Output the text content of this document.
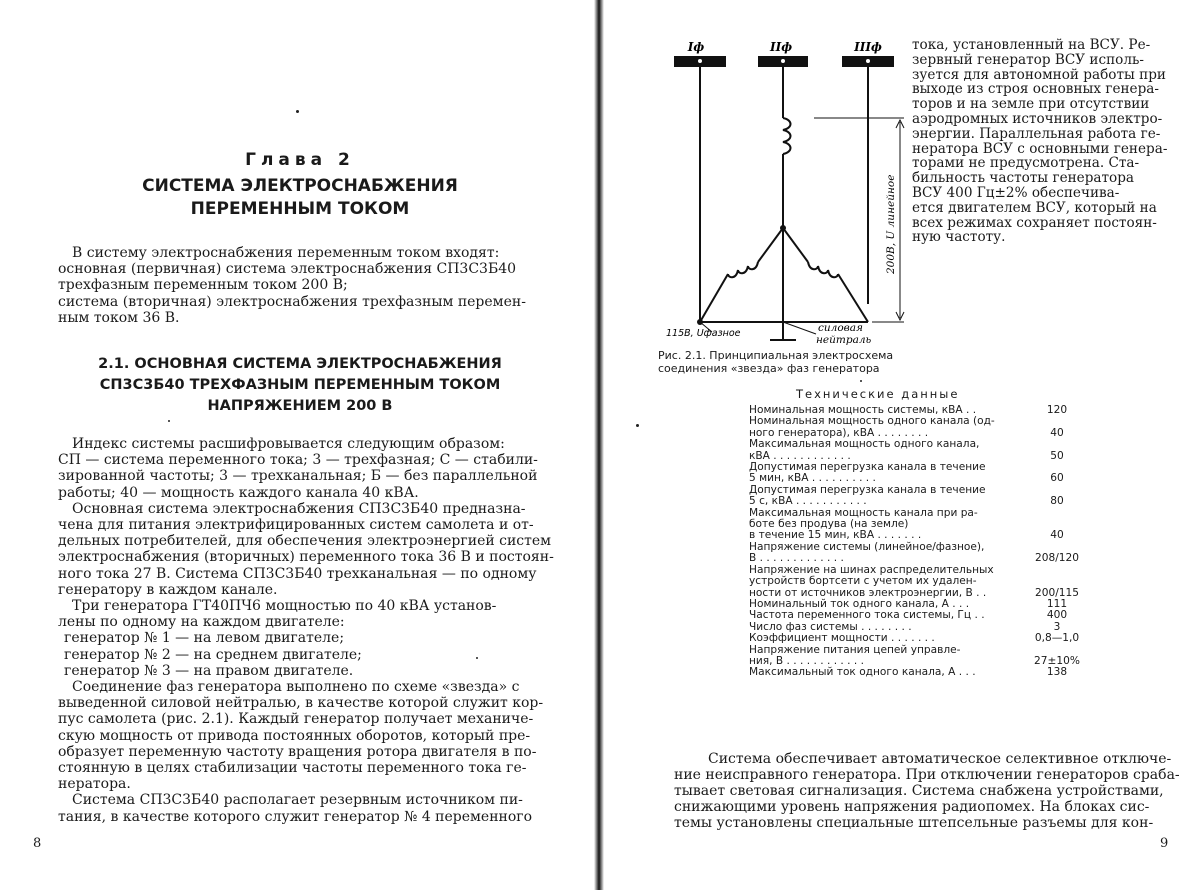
Глава 2
СИСТЕМА ЭЛЕКТРОСНАБЖЕНИЯ
ПЕРЕМЕННЫМ ТОКОМ
В систему электроснабжения переменным током входят:
основная (первичная) система электроснабжения СП3С3Б40
трехфазным переменным током 200 В;
система (вторичная) электроснабжения трехфазным перемен-
ным током 36 В.
2.1. ОСНОВНАЯ СИСТЕМА ЭЛЕКТРОСНАБЖЕНИЯ
СП3С3Б40 ТРЕХФАЗНЫМ ПЕРЕМЕННЫМ ТОКОМ
НАПРЯЖЕНИЕМ 200 В
Индекс системы расшифровывается следующим образом:
СП — система переменного тока; 3 — трехфазная; С — стабили-
зированной частоты; 3 — трехканальная; Б — без параллельной
работы; 40 — мощность каждого канала 40 кВА.
Основная система электроснабжения СП3С3Б40 предназна-
чена для питания электрифицированных систем самолета и от-
дельных потребителей, для обеспечения электроэнергией систем
электроснабжения (вторичных) переменного тока 36 В и постоян-
ного тока 27 В. Система СП3С3Б40 трехканальная — по одному
генератору в каждом канале.
Три генератора ГТ40ПЧ6 мощностью по 40 кВА установ-
лены по одному на каждом двигателе:
генератор № 1 — на левом двигателе;
генератор № 2 — на среднем двигателе;
генератор № 3 — на правом двигателе.
Соединение фаз генератора выполнено по схеме «звезда» с
выведенной силовой нейтралью, в качестве которой служит кор-
пус самолета (рис. 2.1). Каждый генератор получает механиче-
скую мощность от привода постоянных оборотов, который пре-
образует переменную частоту вращения ротора двигателя в по-
стоянную в целях стабилизации частоты переменного тока ге-
нератора.
Система СП3С3Б40 располагает резервным источником пи-
тания, в качестве которого служит генератор № 4 переменного
8
Iф	IIф	IIIф
200В, U линейное
115В, Uфазное	силовая
нейтраль
тока, установленный на ВСУ. Ре-
зервный генератор ВСУ исполь-
зуется для автономной работы при
выходе из строя основных генера-
торов и на земле при отсутствии
аэродромных источников электро-
энергии. Параллельная работа ге-
нератора ВСУ с основными генера-
торами не предусмотрена. Ста-
бильность частоты генератора
ВСУ 400 Гц±2% обеспечива-
ется двигателем ВСУ, который на
всех режимах сохраняет постоян-
ную частоту.
Рис. 2.1. Принципиальная электросхема
соединения «звезда» фаз генератора
Технические данные
Номинальная мощность системы, кВА . .	120
Номинальная мощность одного канала (од-
ного генератора), кВА . . . . . . . .	40
Максимальная мощность одного канала,
кВА . . . . . . . . . . . .	50
Допустимая перегрузка канала в течение
5 мин, кВА . . . . . . . . . .	60
Допустимая перегрузка канала в течение
5 с, кВА . . . . . . . . . . .	80
Максимальная мощность канала при ра-
боте без продува (на земле)
в течение 15 мин, кВА . . . . . . .	40
Напряжение системы (линейное/фазное),
В . . . . . . . . . . . . .	208/120
Напряжение на шинах распределительных
устройств бортсети с учетом их удален-
ности от источников электроэнергии, В . .	200/115
Номинальный ток одного канала, А . . .	111
Частота переменного тока системы, Гц . .	400
Число фаз системы . . . . . . . .	3
Коэффициент мощности . . . . . . .	0,8—1,0
Напряжение питания цепей управле-
ния, В . . . . . . . . . . . .	27±10%
Максимальный ток одного канала, А . . .	138
Система обеспечивает автоматическое селективное отключе-
ние неисправного генератора. При отключении генераторов сраба-
тывает световая сигнализация. Система снабжена устройствами,
снижающими уровень напряжения радиопомех. На блоках сис-
темы установлены специальные штепсельные разъемы для кон-
9
